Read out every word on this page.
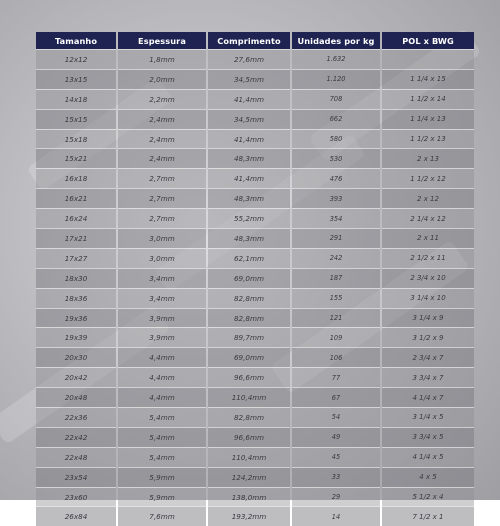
Tamanho	Espessura	Comprimento	Unidades por kg	POL x BWG
12x12	1,8mm	27,6mm	1.632	
13x15	2,0mm	34,5mm	1.120	1 1/4 x 15
14x18	2,2mm	41,4mm	708	1 1/2 x 14
15x15	2,4mm	34,5mm	662	1 1/4 x 13
15x18	2,4mm	41,4mm	580	1 1/2 x 13
15x21	2,4mm	48,3mm	530	2 x 13
16x18	2,7mm	41,4mm	476	1 1/2 x 12
16x21	2,7mm	48,3mm	393	2 x 12
16x24	2,7mm	55,2mm	354	2 1/4 x 12
17x21	3,0mm	48,3mm	291	2 x 11
17x27	3,0mm	62,1mm	242	2 1/2 x 11
18x30	3,4mm	69,0mm	187	2 3/4 x 10
18x36	3,4mm	82,8mm	155	3 1/4 x 10
19x36	3,9mm	82,8mm	121	3 1/4 x 9
19x39	3,9mm	89,7mm	109	3 1/2 x 9
20x30	4,4mm	69,0mm	106	2 3/4 x 7
20x42	4,4mm	96,6mm	77	3 3/4 x 7
20x48	4,4mm	110,4mm	67	4 1/4 x 7
22x36	5,4mm	82,8mm	54	3 1/4 x 5
22x42	5,4mm	96,6mm	49	3 3/4 x 5
22x48	5,4mm	110,4mm	45	4 1/4 x 5
23x54	5,9mm	124,2mm	33	4 x 5
23x60	5,9mm	138,0mm	29	5 1/2 x 4
26x84	7,6mm	193,2mm	14	7 1/2 x 1
